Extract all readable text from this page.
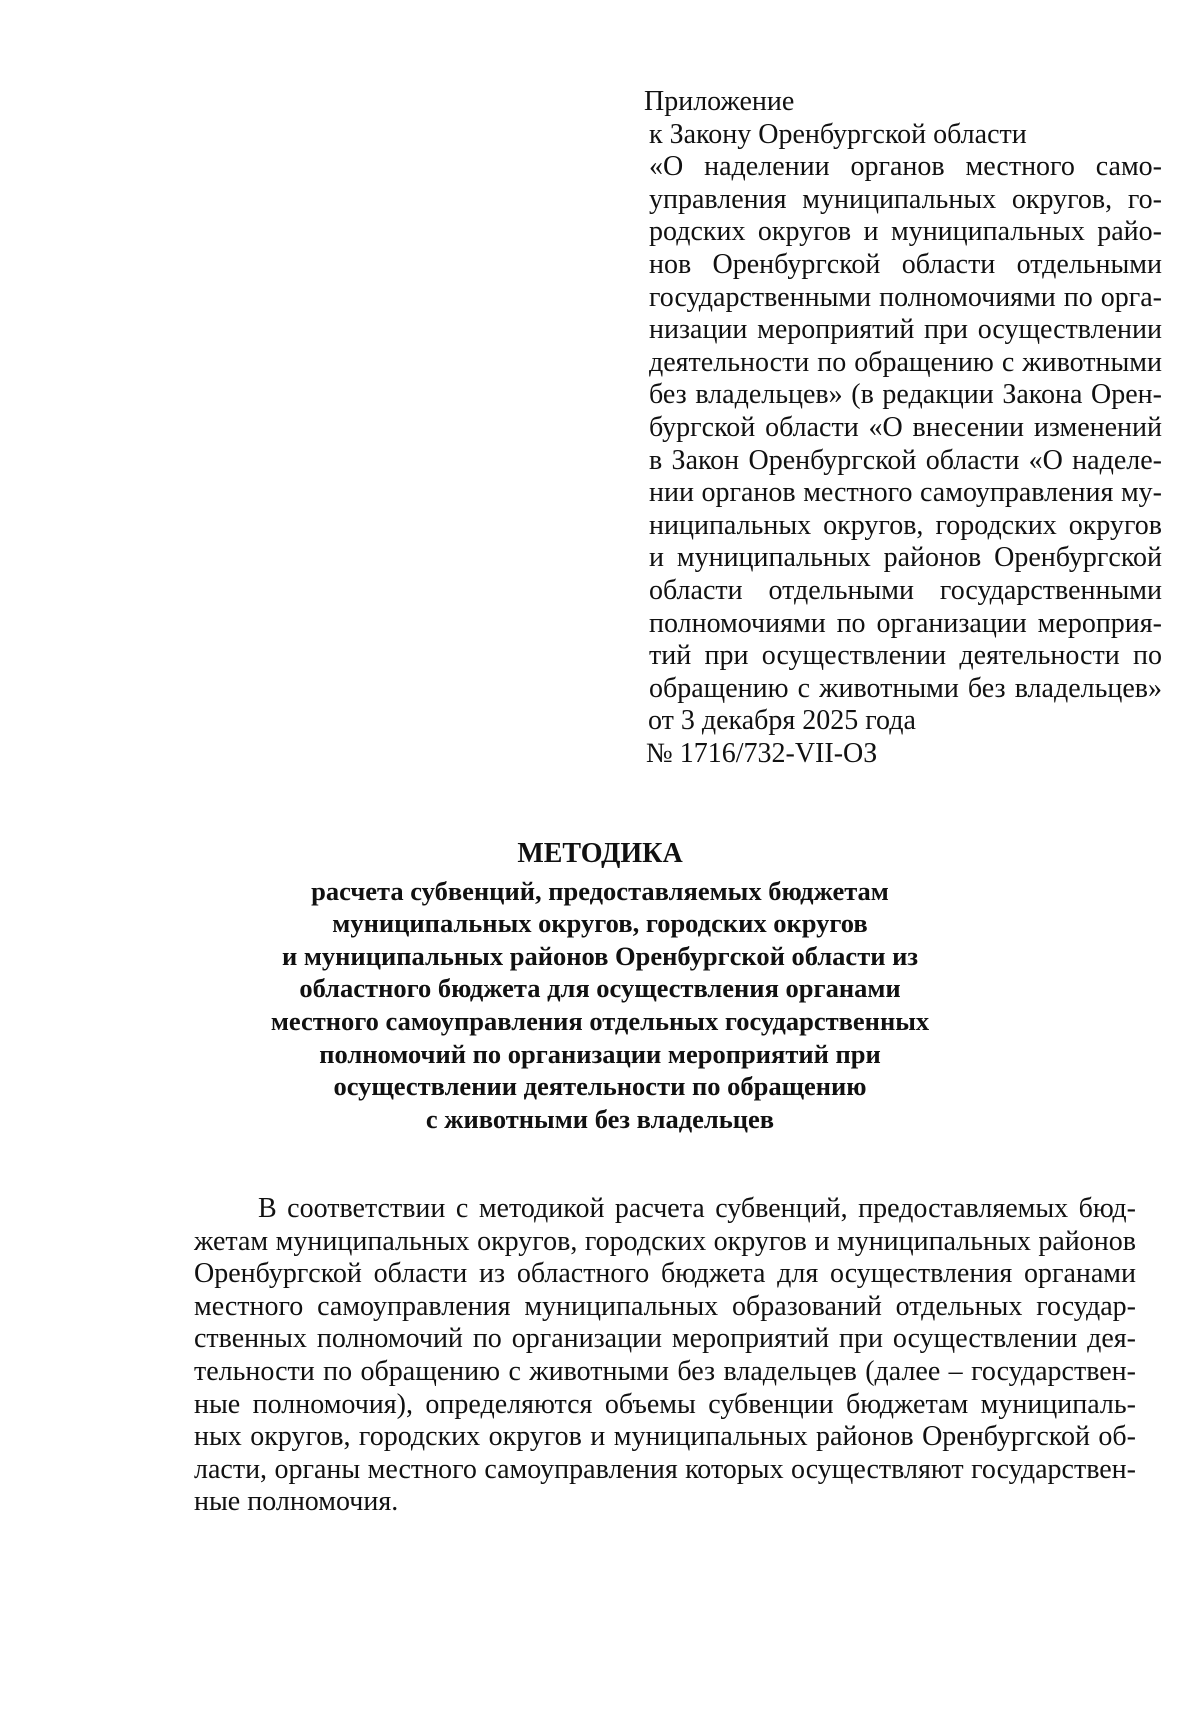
Приложение
к Закону Оренбургской области
«О наделении органов местного само-
управления муниципальных округов, го-
родских округов и муниципальных райо-
нов Оренбургской области отдельными
государственными полномочиями по орга-
низации мероприятий при осуществлении
деятельности по обращению с животными
без владельцев» (в редакции Закона Орен-
бургской области «О внесении изменений
в Закон Оренбургской области «О наделе-
нии органов местного самоуправления му-
ниципальных округов, городских округов
и муниципальных районов Оренбургской
области отдельными государственными
полномочиями по организации мероприя-
тий при осуществлении деятельности по
обращению с животными без владельцев»
от 3 декабря 2025 года
№ 1716/732-VII-ОЗ
МЕТОДИКА
расчета субвенций, предоставляемых бюджетам
муниципальных округов, городских округов
и муниципальных районов Оренбургской области из
областного бюджета для осуществления органами
местного самоуправления отдельных государственных
полномочий по организации мероприятий при
осуществлении деятельности по обращению
с животными без владельцев
В соответствии с методикой расчета субвенций, предоставляемых бюд-
жетам муниципальных округов, городских округов и муниципальных районов
Оренбургской области из областного бюджета для осуществления органами
местного самоуправления муниципальных образований отдельных государ-
ственных полномочий по организации мероприятий при осуществлении дея-
тельности по обращению с животными без владельцев (далее – государствен-
ные полномочия), определяются объемы субвенции бюджетам муниципаль-
ных округов, городских округов и муниципальных районов Оренбургской об-
ласти, органы местного самоуправления которых осуществляют государствен-
ные полномочия.
